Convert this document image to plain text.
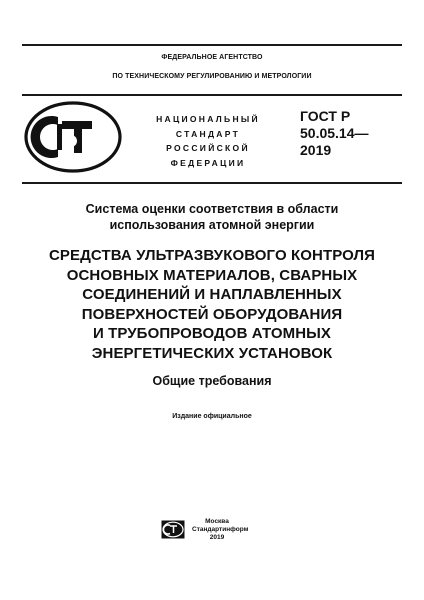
ФЕДЕРАЛЬНОЕ АГЕНТСТВО
ПО ТЕХНИЧЕСКОМУ РЕГУЛИРОВАНИЮ И МЕТРОЛОГИИ
НАЦИОНАЛЬНЫЙ
СТАНДАРТ
РОССИЙСКОЙ
ФЕДЕРАЦИИ
ГОСТ Р
50.05.14—
2019
Система оценки соответствия в области
использования атомной энергии
СРЕДСТВА УЛЬТРАЗВУКОВОГО КОНТРОЛЯ
ОСНОВНЫХ МАТЕРИАЛОВ, СВАРНЫХ
СОЕДИНЕНИЙ И НАПЛАВЛЕННЫХ
ПОВЕРХНОСТЕЙ ОБОРУДОВАНИЯ
И ТРУБОПРОВОДОВ АТОМНЫХ
ЭНЕРГЕТИЧЕСКИХ УСТАНОВОК
Общие требования
Издание официальное
Москва
Стандартинформ
2019
